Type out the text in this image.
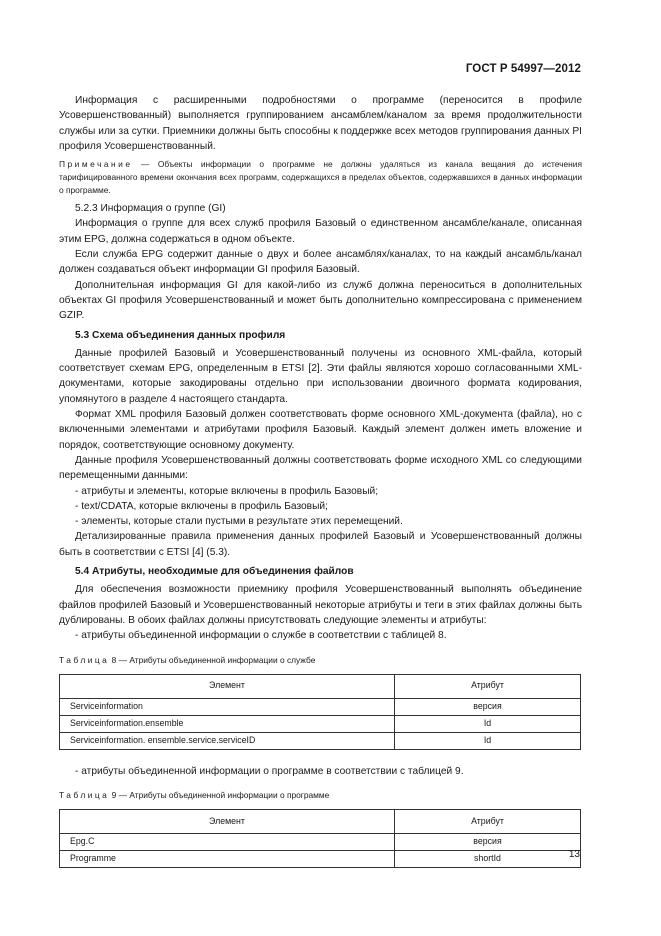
ГОСТ Р 54997—2012

Информация с расширенными подробностями о программе (переносится в профиле Усовершенствованный) выполняется группированием ансамблем/каналом за время продолжительности службы или за сутки. Приемники должны быть способны к поддержке всех методов группирования данных PI профиля Усовершенствованный.

Примечание — Объекты информации о программе не должны удаляться из канала вещания до истечения тарифицированного времени окончания всех программ, содержащихся в пределах объектов, содержавшихся в данных информации о программе.

5.2.3 Информация о группе (GI)

Информация о группе для всех служб профиля Базовый о единственном ансамбле/канале, описанная этим EPG, должна содержаться в одном объекте.

Если служба EPG содержит данные о двух и более ансамблях/каналах, то на каждый ансамбль/канал должен создаваться объект информации GI профиля Базовый.

Дополнительная информация GI для какой-либо из служб должна переноситься в дополнительных объектах GI профиля Усовершенствованный и может быть дополнительно компрессирована с применением GZIP.

5.3 Схема объединения данных профиля

Данные профилей Базовый и Усовершенствованный получены из основного XML-файла, который соответствует схемам EPG, определенным в ETSI [2]. Эти файлы являются хорошо согласованными XML-документами, которые закодированы отдельно при использовании двоичного формата кодирования, упомянутого в разделе 4 настоящего стандарта.

Формат XML профиля Базовый должен соответствовать форме основного XML-документа (файла), но с включенными элементами и атрибутами профиля Базовый. Каждый элемент должен иметь вложение и порядок, соответствующие основному документу.

Данные профиля Усовершенствованный должны соответствовать форме исходного XML со следующими перемещенными данными:

- атрибуты и элементы, которые включены в профиль Базовый;

- text/CDATA, которые включены в профиль Базовый;

- элементы, которые стали пустыми в результате этих перемещений.

Детализированные правила применения данных профилей Базовый и Усовершенствованный должны быть в соответствии с ETSI [4] (5.3).

5.4 Атрибуты, необходимые для объединения файлов

Для обеспечения возможности приемнику профиля Усовершенствованный выполнять объединение файлов профилей Базовый и Усовершенствованный некоторые атрибуты и теги в этих файлах должны быть дублированы. В обоих файлах должны присутствовать следующие элементы и атрибуты:

- атрибуты объединенной информации о службе в соответствии с таблицей 8.

Таблица 8 — Атрибуты объединенной информации о службе

Элемент	Атрибут
Serviceinformation	версия
Serviceinformation.ensemble	Id
Serviceinformation. ensemble.service.serviceID	Id

- атрибуты объединенной информации о программе в соответствии с таблицей 9.

Таблица 9 — Атрибуты объединенной информации о программе

Элемент	Атрибут
Epg.C	версия
Programme	shortId	13
